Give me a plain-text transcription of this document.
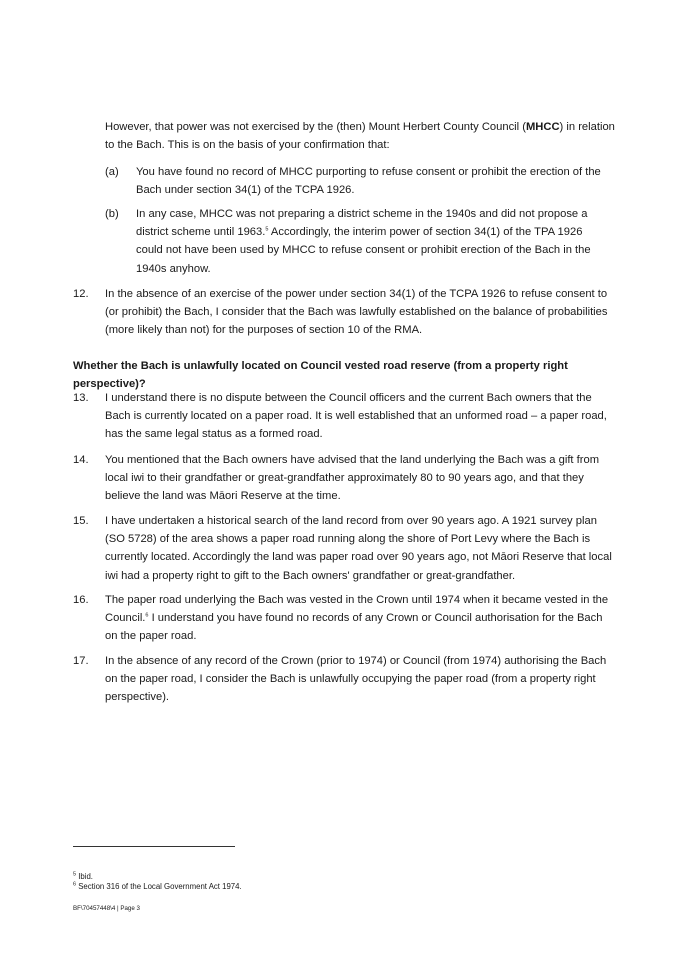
However, that power was not exercised by the (then) Mount Herbert County Council (MHCC) in relation to the Bach. This is on the basis of your confirmation that:

(a) You have found no record of MHCC purporting to refuse consent or prohibit the erection of the Bach under section 34(1) of the TCPA 1926.

(b) In any case, MHCC was not preparing a district scheme in the 1940s and did not propose a district scheme until 1963.$^5$ Accordingly, the interim power of section 34(1) of the TPA 1926 could not have been used by MHCC to refuse consent or prohibit erection of the Bach in the 1940s anyhow.

12. In the absence of an exercise of the power under section 34(1) of the TCPA 1926 to refuse consent to (or prohibit) the Bach, I consider that the Bach was lawfully established on the balance of probabilities (more likely than not) for the purposes of section 10 of the RMA.

Whether the Bach is unlawfully located on Council vested road reserve (from a property right perspective)?

13. I understand there is no dispute between the Council officers and the current Bach owners that the Bach is currently located on a paper road. It is well established that an unformed road – a paper road, has the same legal status as a formed road.

14. You mentioned that the Bach owners have advised that the land underlying the Bach was a gift from local iwi to their grandfather or great-grandfather approximately 80 to 90 years ago, and that they believe the land was Māori Reserve at the time.

15. I have undertaken a historical search of the land record from over 90 years ago. A 1921 survey plan (SO 5728) of the area shows a paper road running along the shore of Port Levy where the Bach is currently located. Accordingly the land was paper road over 90 years ago, not Māori Reserve that local iwi had a property right to gift to the Bach owners' grandfather or great-grandfather.

16. The paper road underlying the Bach was vested in the Crown until 1974 when it became vested in the Council.$^6$ I understand you have found no records of any Crown or Council authorisation for the Bach on the paper road.

17. In the absence of any record of the Crown (prior to 1974) or Council (from 1974) authorising the Bach on the paper road, I consider the Bach is unlawfully occupying the paper road (from a property right perspective).

$^5$ Ibid.

$^6$ Section 316 of the Local Government Act 1974.

BF\70457448\4 | Page 3
